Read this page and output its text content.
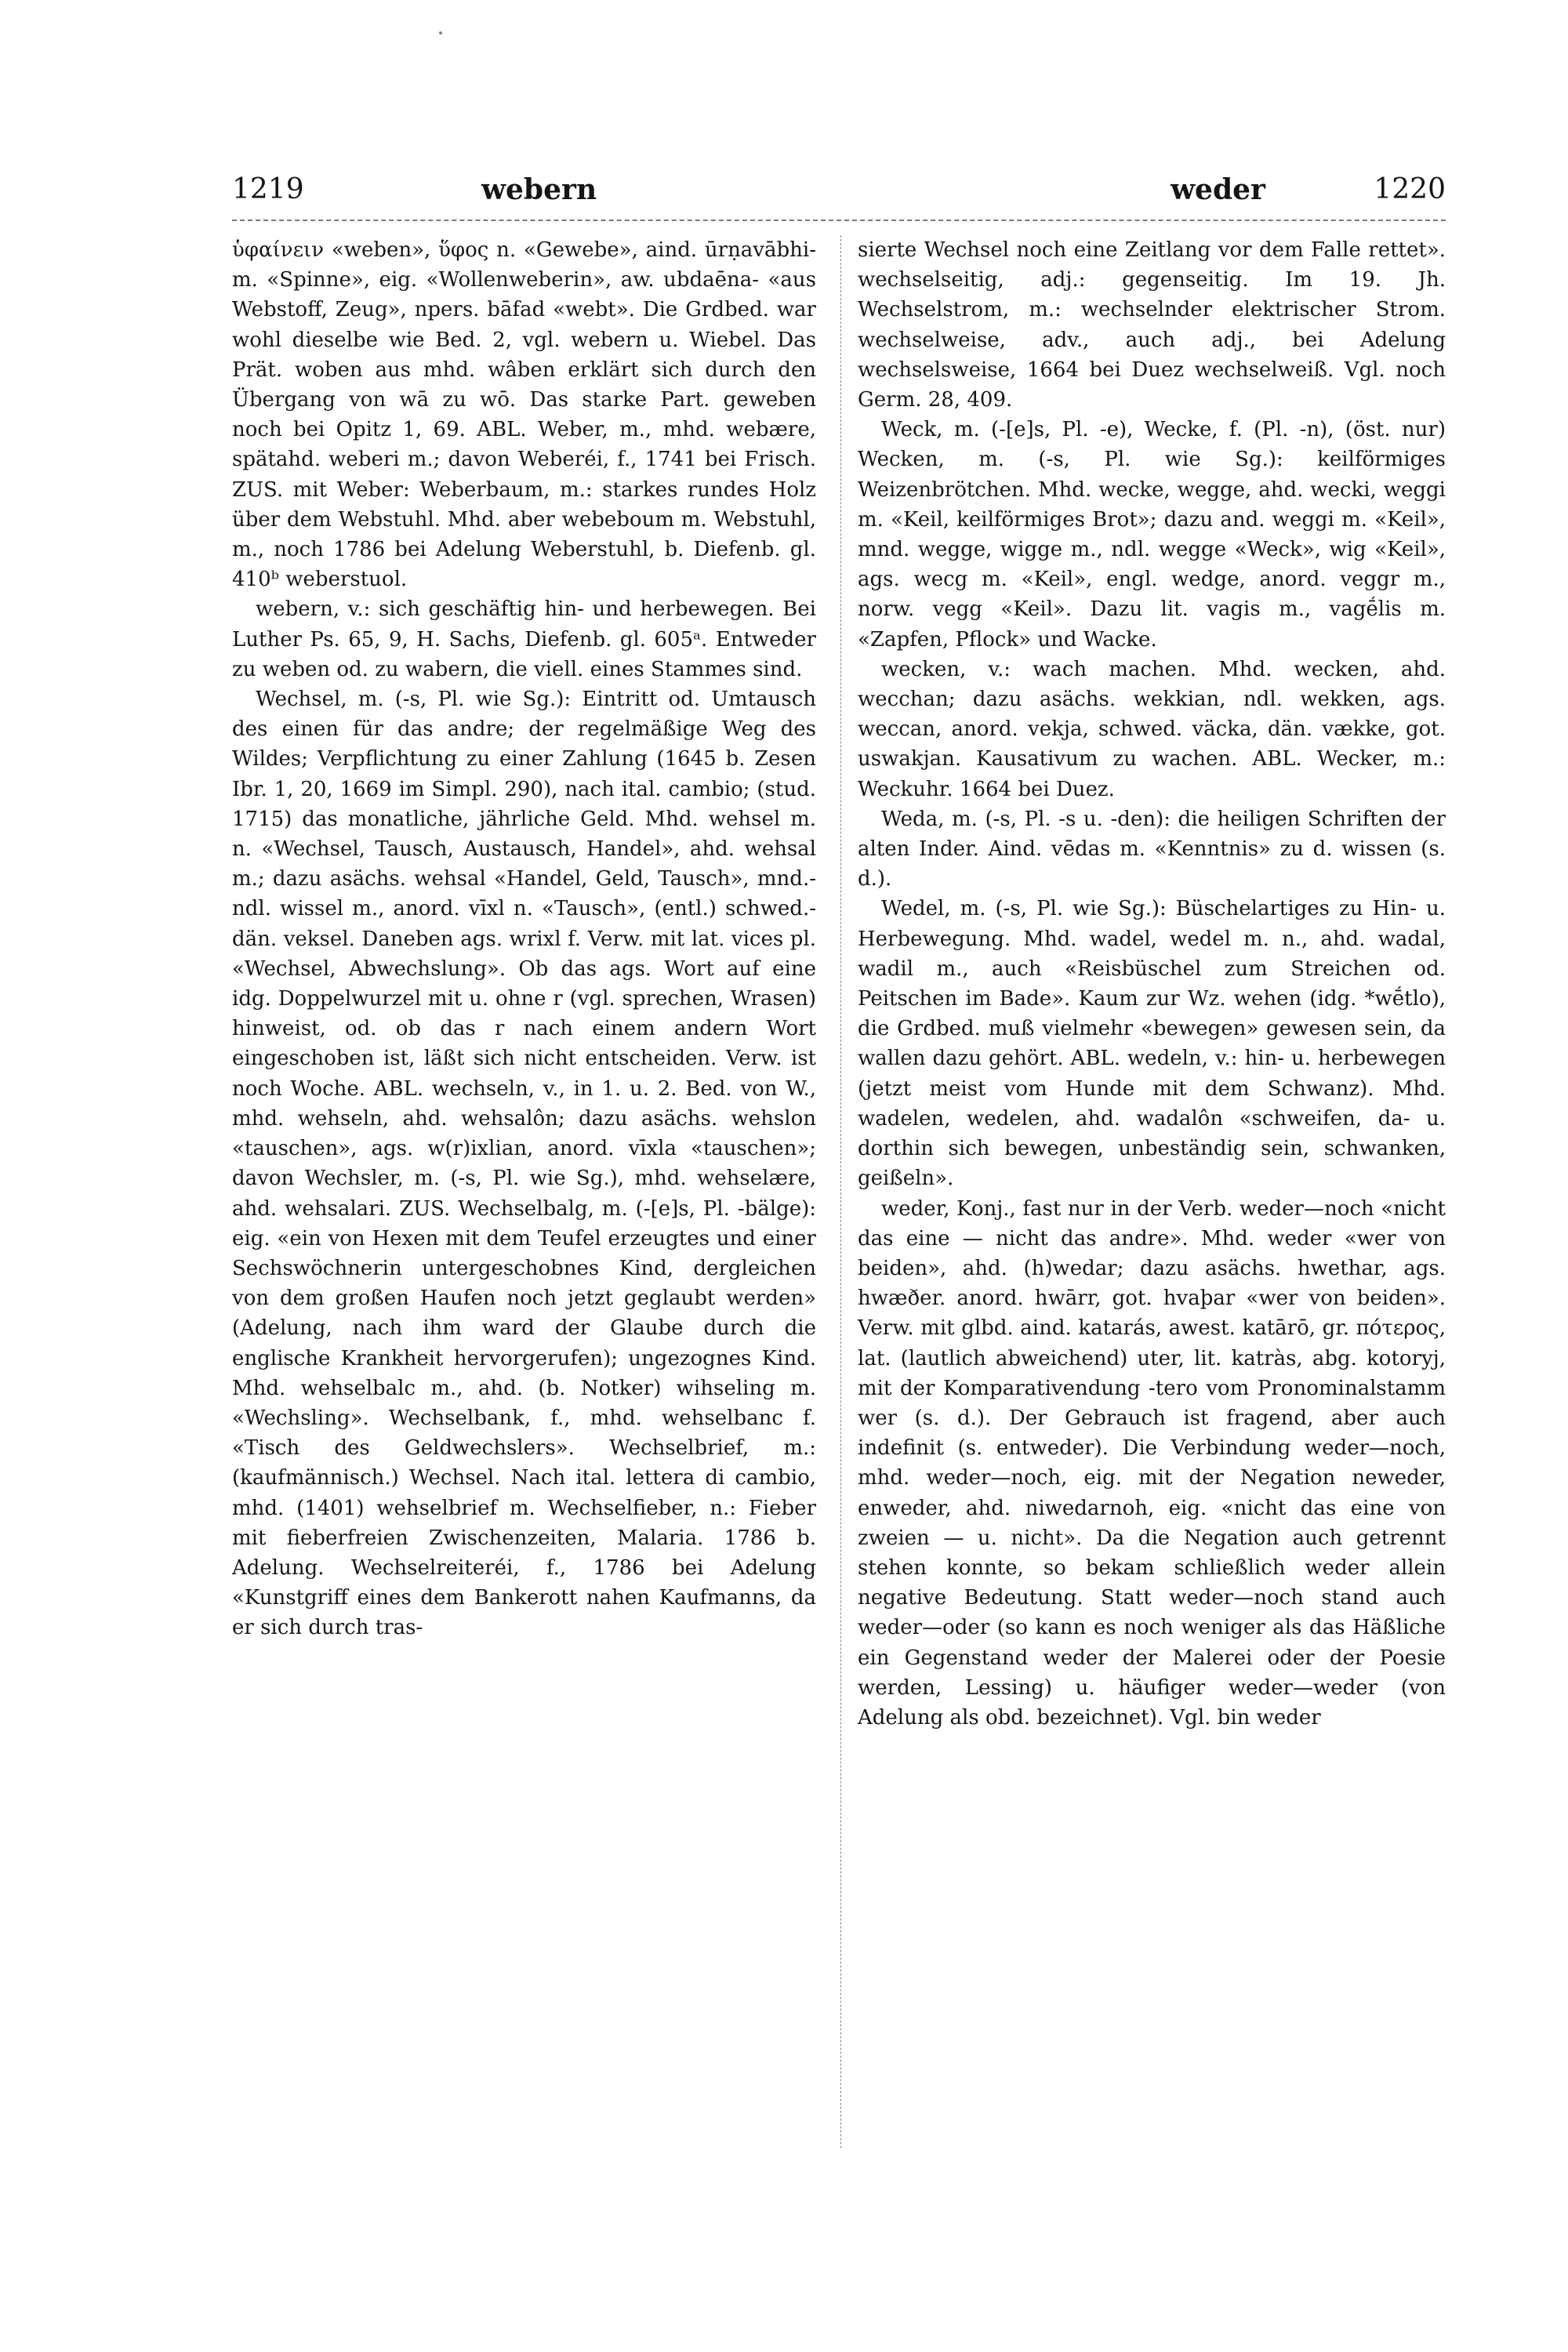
1219	webern	weder	1220

ὑφαίνειν «weben», ὕφος n. «Gewebe», aind. ūrṇavābhi- m. «Spinne», eig. «Wollenweberin», aw. ubdaēna- «aus Webstoff, Zeug», npers. bāfad «webt». Die Grdbed. war wohl dieselbe wie Bed. 2, vgl. webern u. Wiebel. Das Prät. woben aus mhd. wâben erklärt sich durch den Übergang von wā zu wō. Das starke Part. geweben noch bei Opitz 1, 69. ABL. Weber, m., mhd. webære, spätahd. weberi m.; davon Weberéi, f., 1741 bei Frisch. ZUS. mit Weber: Weberbaum, m.: starkes rundes Holz über dem Webstuhl. Mhd. aber webeboum m. Webstuhl, m., noch 1786 bei Adelung Weberstuhl, b. Diefenb. gl. 410ᵇ weberstuol.

webern, v.: sich geschäftig hin- und herbewegen. Bei Luther Ps. 65, 9, H. Sachs, Diefenb. gl. 605ᵃ. Entweder zu weben od. zu wabern, die viell. eines Stammes sind.

Wechsel, m. (-s, Pl. wie Sg.): Eintritt od. Umtausch des einen für das andre; der regelmäßige Weg des Wildes; Verpflichtung zu einer Zahlung (1645 b. Zesen Ibr. 1, 20, 1669 im Simpl. 290), nach ital. cambio; (stud. 1715) das monatliche, jährliche Geld. Mhd. wehsel m. n. «Wechsel, Tausch, Austausch, Handel», ahd. wehsal m.; dazu asächs. wehsal «Handel, Geld, Tausch», mnd.-ndl. wissel m., anord. vīxl n. «Tausch», (entl.) schwed.-dän. veksel. Daneben ags. wrixl f. Verw. mit lat. vices pl. «Wechsel, Abwechslung». Ob das ags. Wort auf eine idg. Doppelwurzel mit u. ohne r (vgl. sprechen, Wrasen) hinweist, od. ob das r nach einem andern Wort eingeschoben ist, läßt sich nicht entscheiden. Verw. ist noch Woche. ABL. wechseln, v., in 1. u. 2. Bed. von W., mhd. wehseln, ahd. wehsalôn; dazu asächs. wehslon «tauschen», ags. w(r)ixlian, anord. vīxla «tauschen»; davon Wechsler, m. (-s, Pl. wie Sg.), mhd. wehselære, ahd. wehsalari. ZUS. Wechselbalg, m. (-[e]s, Pl. -bälge): eig. «ein von Hexen mit dem Teufel erzeugtes und einer Sechswöchnerin untergeschobnes Kind, dergleichen von dem großen Haufen noch jetzt geglaubt werden» (Adelung, nach ihm ward der Glaube durch die englische Krankheit hervorgerufen); ungezognes Kind. Mhd. wehselbalc m., ahd. (b. Notker) wihseling m. «Wechsling». Wechselbank, f., mhd. wehselbanc f. «Tisch des Geldwechslers». Wechselbrief, m.: (kaufmännisch.) Wechsel. Nach ital. lettera di cambio, mhd. (1401) wehselbrief m. Wechselfieber, n.: Fieber mit fieberfreien Zwischenzeiten, Malaria. 1786 b. Adelung. Wechselreiteréi, f., 1786 bei Adelung «Kunstgriff eines dem Bankerott nahen Kaufmanns, da er sich durch tras-

sierte Wechsel noch eine Zeitlang vor dem Falle rettet». wechselseitig, adj.: gegenseitig. Im 19. Jh. Wechselstrom, m.: wechselnder elektrischer Strom. wechselweise, adv., auch adj., bei Adelung wechselsweise, 1664 bei Duez wechselweiß. Vgl. noch Germ. 28, 409.

Weck, m. (-[e]s, Pl. -e), Wecke, f. (Pl. -n), (öst. nur) Wecken, m. (-s, Pl. wie Sg.): keilförmiges Weizenbrötchen. Mhd. wecke, wegge, ahd. wecki, weggi m. «Keil, keilförmiges Brot»; dazu and. weggi m. «Keil», mnd. wegge, wigge m., ndl. wegge «Weck», wig «Keil», ags. wecg m. «Keil», engl. wedge, anord. veggr m., norw. vegg «Keil». Dazu lit. vagis m., vagḗlis m. «Zapfen, Pflock» und Wacke.

wecken, v.: wach machen. Mhd. wecken, ahd. wecchan; dazu asächs. wekkian, ndl. wekken, ags. weccan, anord. vekja, schwed. väcka, dän. vække, got. uswakjan. Kausativum zu wachen. ABL. Wecker, m.: Weckuhr. 1664 bei Duez.

Weda, m. (-s, Pl. -s u. -den): die heiligen Schriften der alten Inder. Aind. vēdas m. «Kenntnis» zu d. wissen (s. d.).

Wedel, m. (-s, Pl. wie Sg.): Büschelartiges zu Hin- u. Herbewegung. Mhd. wadel, wedel m. n., ahd. wadal, wadil m., auch «Reisbüschel zum Streichen od. Peitschen im Bade». Kaum zur Wz. wehen (idg. *wḗtlo), die Grdbed. muß vielmehr «bewegen» gewesen sein, da wallen dazu gehört. ABL. wedeln, v.: hin- u. herbewegen (jetzt meist vom Hunde mit dem Schwanz). Mhd. wadelen, wedelen, ahd. wadalôn «schweifen, da- u. dorthin sich bewegen, unbeständig sein, schwanken, geißeln».

weder, Konj., fast nur in der Verb. weder—noch «nicht das eine — nicht das andre». Mhd. weder «wer von beiden», ahd. (h)wedar; dazu asächs. hwethar, ags. hwæðer. anord. hwārr, got. hvaþar «wer von beiden». Verw. mit glbd. aind. katarás, awest. katārō, gr. πότερος, lat. (lautlich abweichend) uter, lit. katràs, abg. kotoryj, mit der Komparativendung -tero vom Pronominalstamm wer (s. d.). Der Gebrauch ist fragend, aber auch indefinit (s. entweder). Die Verbindung weder—noch, mhd. weder—noch, eig. mit der Negation neweder, enweder, ahd. niwedarnoh, eig. «nicht das eine von zweien — u. nicht». Da die Negation auch getrennt stehen konnte, so bekam schließlich weder allein negative Bedeutung. Statt weder—noch stand auch weder—oder (so kann es noch weniger als das Häßliche ein Gegenstand weder der Malerei oder der Poesie werden, Lessing) u. häufiger weder—weder (von Adelung als obd. bezeichnet). Vgl. bin weder
